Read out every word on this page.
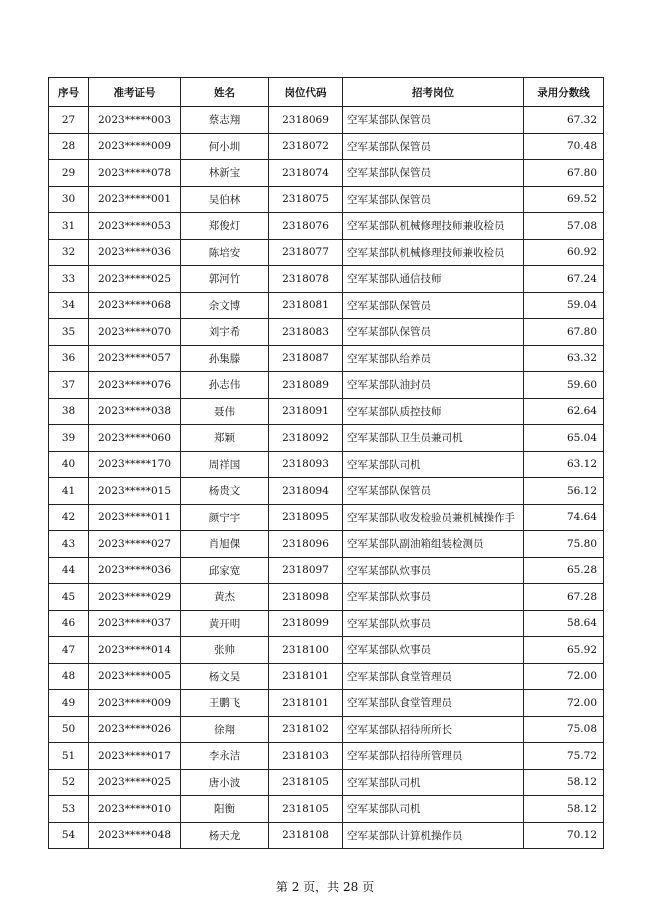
序号	准考证号	姓名	岗位代码	招考岗位	录用分数线
27	2023*****003	蔡志翔	2318069	空军某部队保管员	67.32
28	2023*****009	何小圳	2318072	空军某部队保管员	70.48
29	2023*****078	林新宝	2318074	空军某部队保管员	67.80
30	2023*****001	吴伯林	2318075	空军某部队保管员	69.52
31	2023*****053	郑俊灯	2318076	空军某部队机械修理技师兼收检员	57.08
32	2023*****036	陈培安	2318077	空军某部队机械修理技师兼收检员	60.92
33	2023*****025	郭河竹	2318078	空军某部队通信技师	67.24
34	2023*****068	余文博	2318081	空军某部队保管员	59.04
35	2023*****070	刘宇希	2318083	空军某部队保管员	67.80
36	2023*****057	孙集滕	2318087	空军某部队给养员	63.32
37	2023*****076	孙志伟	2318089	空军某部队油封员	59.60
38	2023*****038	聂伟	2318091	空军某部队质控技师	62.64
39	2023*****060	郑颖	2318092	空军某部队卫生员兼司机	65.04
40	2023*****170	周祥国	2318093	空军某部队司机	63.12
41	2023*****015	杨贵文	2318094	空军某部队保管员	56.12
42	2023*****011	颜宁宇	2318095	空军某部队收发检验员兼机械操作手	74.64
43	2023*****027	肖旭倮	2318096	空军某部队副油箱组装检测员	75.80
44	2023*****036	邱家宽	2318097	空军某部队炊事员	65.28
45	2023*****029	黄杰	2318098	空军某部队炊事员	67.28
46	2023*****037	黄开明	2318099	空军某部队炊事员	58.64
47	2023*****014	张帅	2318100	空军某部队炊事员	65.92
48	2023*****005	杨文昊	2318101	空军某部队食堂管理员	72.00
49	2023*****009	王鹏飞	2318101	空军某部队食堂管理员	72.00
50	2023*****026	徐翔	2318102	空军某部队招待所所长	75.08
51	2023*****017	李永洁	2318103	空军某部队招待所管理员	75.72
52	2023*****025	唐小波	2318105	空军某部队司机	58.12
53	2023*****010	阳衡	2318105	空军某部队司机	58.12
54	2023*****048	杨天龙	2318108	空军某部队计算机操作员	70.12
第 2 页，共 28 页
